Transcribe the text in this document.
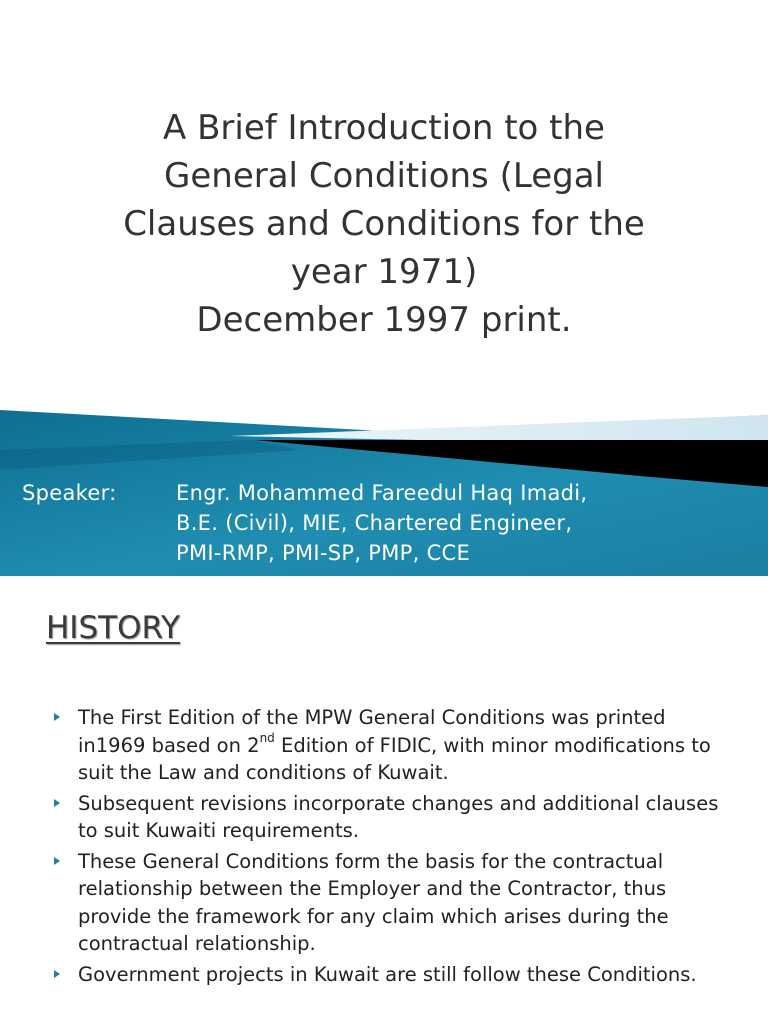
A Brief Introduction to the
General Conditions (Legal
Clauses and Conditions for the
year 1971)
December 1997 print.
Speaker:	Engr. Mohammed Fareedul Haq Imadi,
B.E. (Civil), MIE, Chartered Engineer,
PMI-RMP, PMI-SP, PMP, CCE
HISTORY
The First Edition of the MPW General Conditions was printed in1969 based on 2nd Edition of FIDIC, with minor modifications to suit the Law and conditions of Kuwait.
Subsequent revisions incorporate changes and additional clauses to suit Kuwaiti requirements.
These General Conditions form the basis for the contractual relationship between the Employer and the Contractor, thus provide the framework for any claim which arises during the contractual relationship.
Government projects in Kuwait are still follow these Conditions.
